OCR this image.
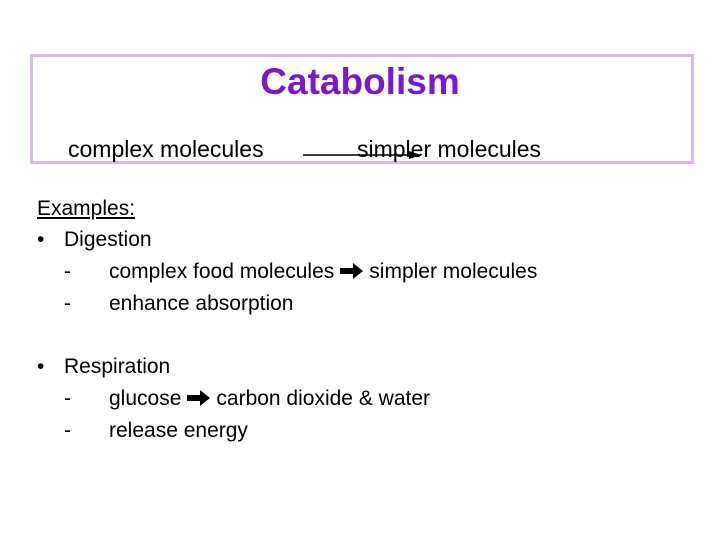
Catabolism
complex molecules	simpler molecules
Examples:
• Digestion
- complex food molecules simpler molecules
- enhance absorption
• Respiration
- glucose carbon dioxide & water
- release energy
